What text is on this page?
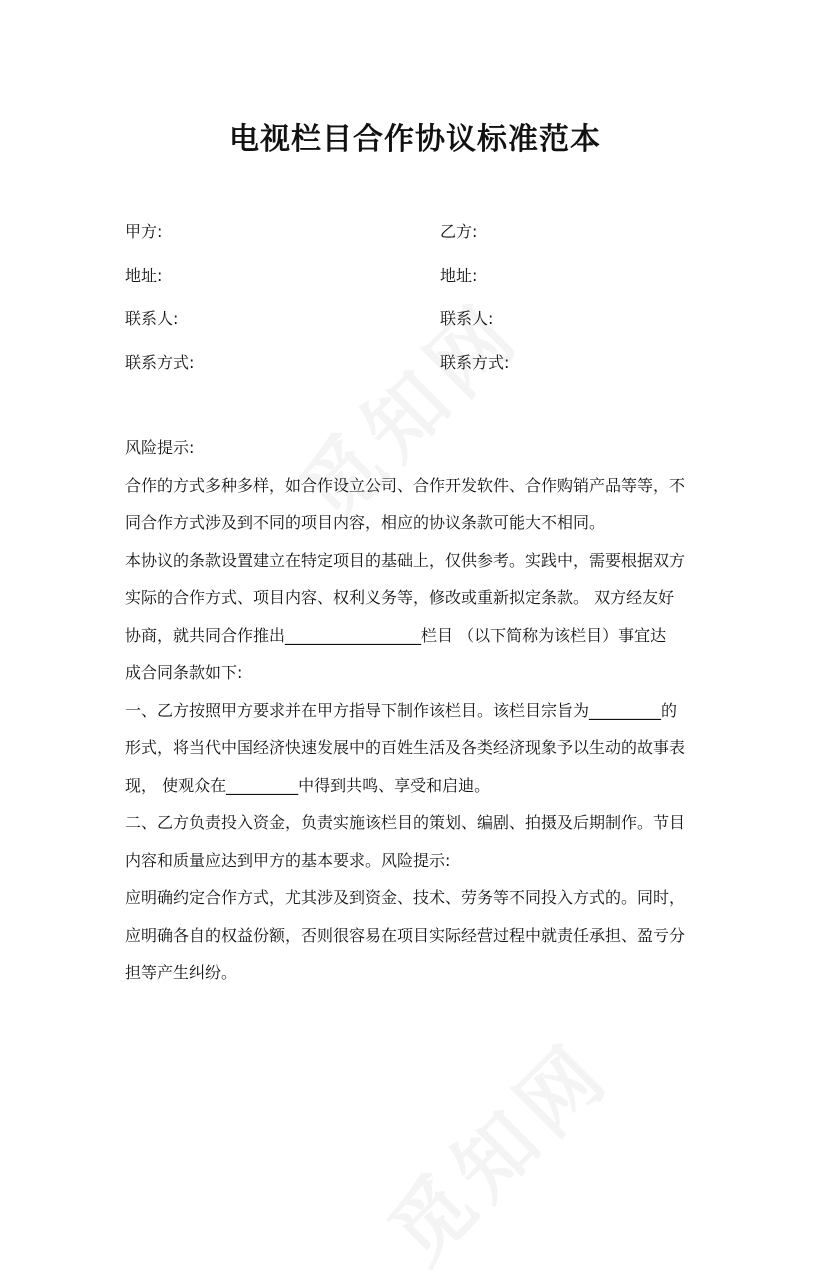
电视栏目合作协议标准范本
甲方:	乙方:
地址:	地址:
联系人:	联系人:
联系方式:	联系方式:
风险提示:
合作的方式多种多样，如合作设立公司、合作开发软件、合作购销产品等等，不
同合作方式涉及到不同的项目内容，相应的协议条款可能大不相同。
本协议的条款设置建立在特定项目的基础上，仅供参考。实践中，需要根据双方
实际的合作方式、项目内容、权利义务等，修改或重新拟定条款。 双方经友好
协商，就共同合作推出_________________栏目 （以下简称为该栏目）事宜达
成合同条款如下:
一、乙方按照甲方要求并在甲方指导下制作该栏目。该栏目宗旨为_________的
形式，将当代中国经济快速发展中的百姓生活及各类经济现象予以生动的故事表
现， 使观众在_________中得到共鸣、享受和启迪。
二、乙方负责投入资金，负责实施该栏目的策划、编剧、拍摄及后期制作。节目
内容和质量应达到甲方的基本要求。风险提示:
应明确约定合作方式，尤其涉及到资金、技术、劳务等不同投入方式的。同时，
应明确各自的权益份额，否则很容易在项目实际经营过程中就责任承担、盈亏分
担等产生纠纷。
